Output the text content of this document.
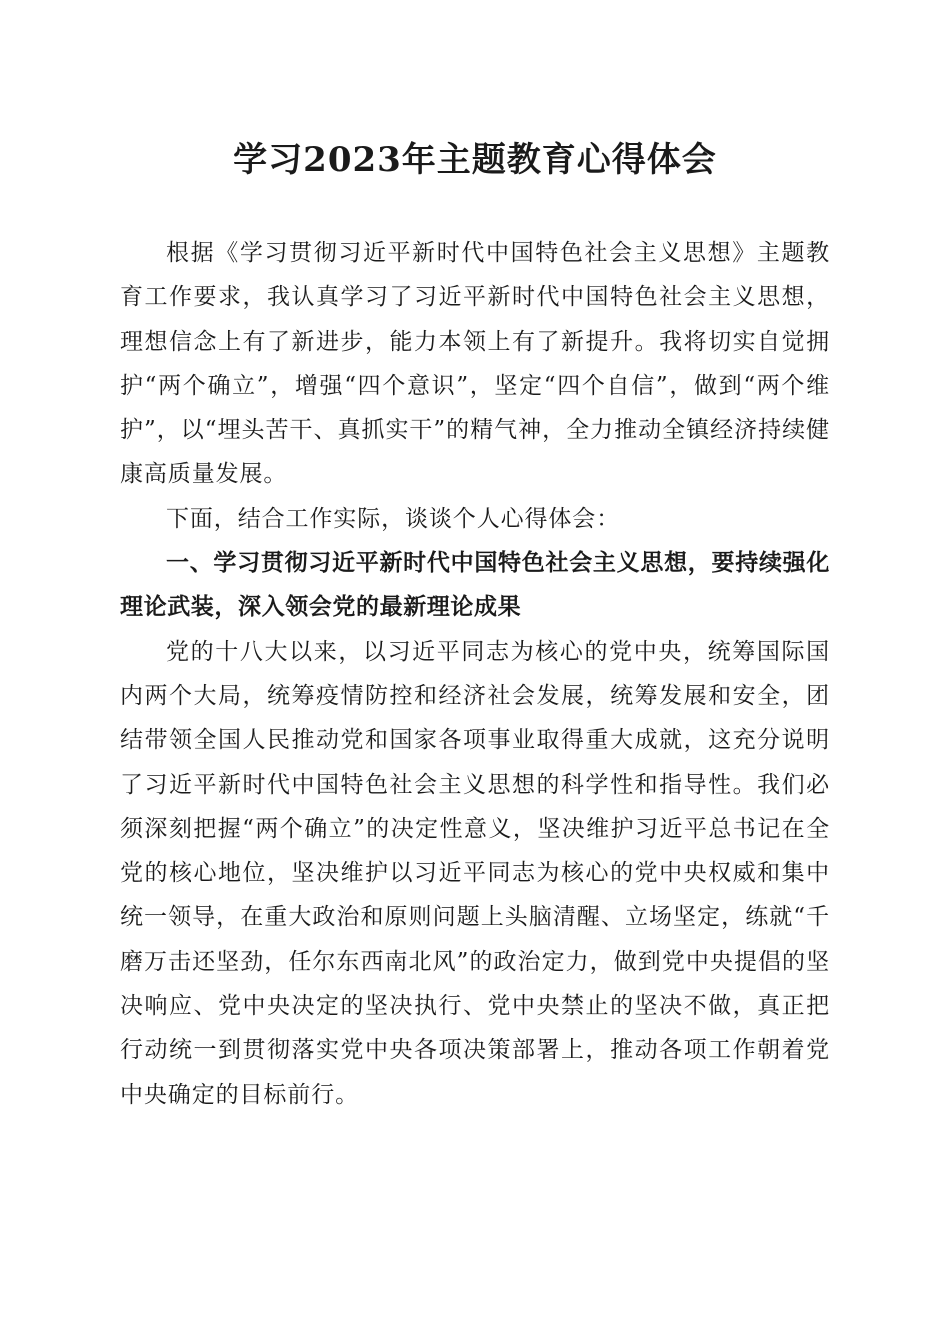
学习2023年主题教育心得体会

根据《学习贯彻习近平新时代中国特色社会主义思想》主题教育工作要求，我认真学习了习近平新时代中国特色社会主义思想，理想信念上有了新进步，能力本领上有了新提升。我将切实自觉拥护“两个确立”，增强“四个意识”，坚定“四个自信”，做到“两个维护”，以“埋头苦干、真抓实干”的精气神，全力推动全镇经济持续健康高质量发展。

下面，结合工作实际，谈谈个人心得体会：

一、学习贯彻习近平新时代中国特色社会主义思想，要持续强化理论武装，深入领会党的最新理论成果

党的十八大以来，以习近平同志为核心的党中央，统筹国际国内两个大局，统筹疫情防控和经济社会发展，统筹发展和安全，团结带领全国人民推动党和国家各项事业取得重大成就，这充分说明了习近平新时代中国特色社会主义思想的科学性和指导性。我们必须深刻把握“两个确立”的决定性意义，坚决维护习近平总书记在全党的核心地位，坚决维护以习近平同志为核心的党中央权威和集中统一领导，在重大政治和原则问题上头脑清醒、立场坚定，练就“千磨万击还坚劲，任尔东西南北风”的政治定力，做到党中央提倡的坚决响应、党中央决定的坚决执行、党中央禁止的坚决不做，真正把行动统一到贯彻落实党中央各项决策部署上，推动各项工作朝着党中央确定的目标前行。
